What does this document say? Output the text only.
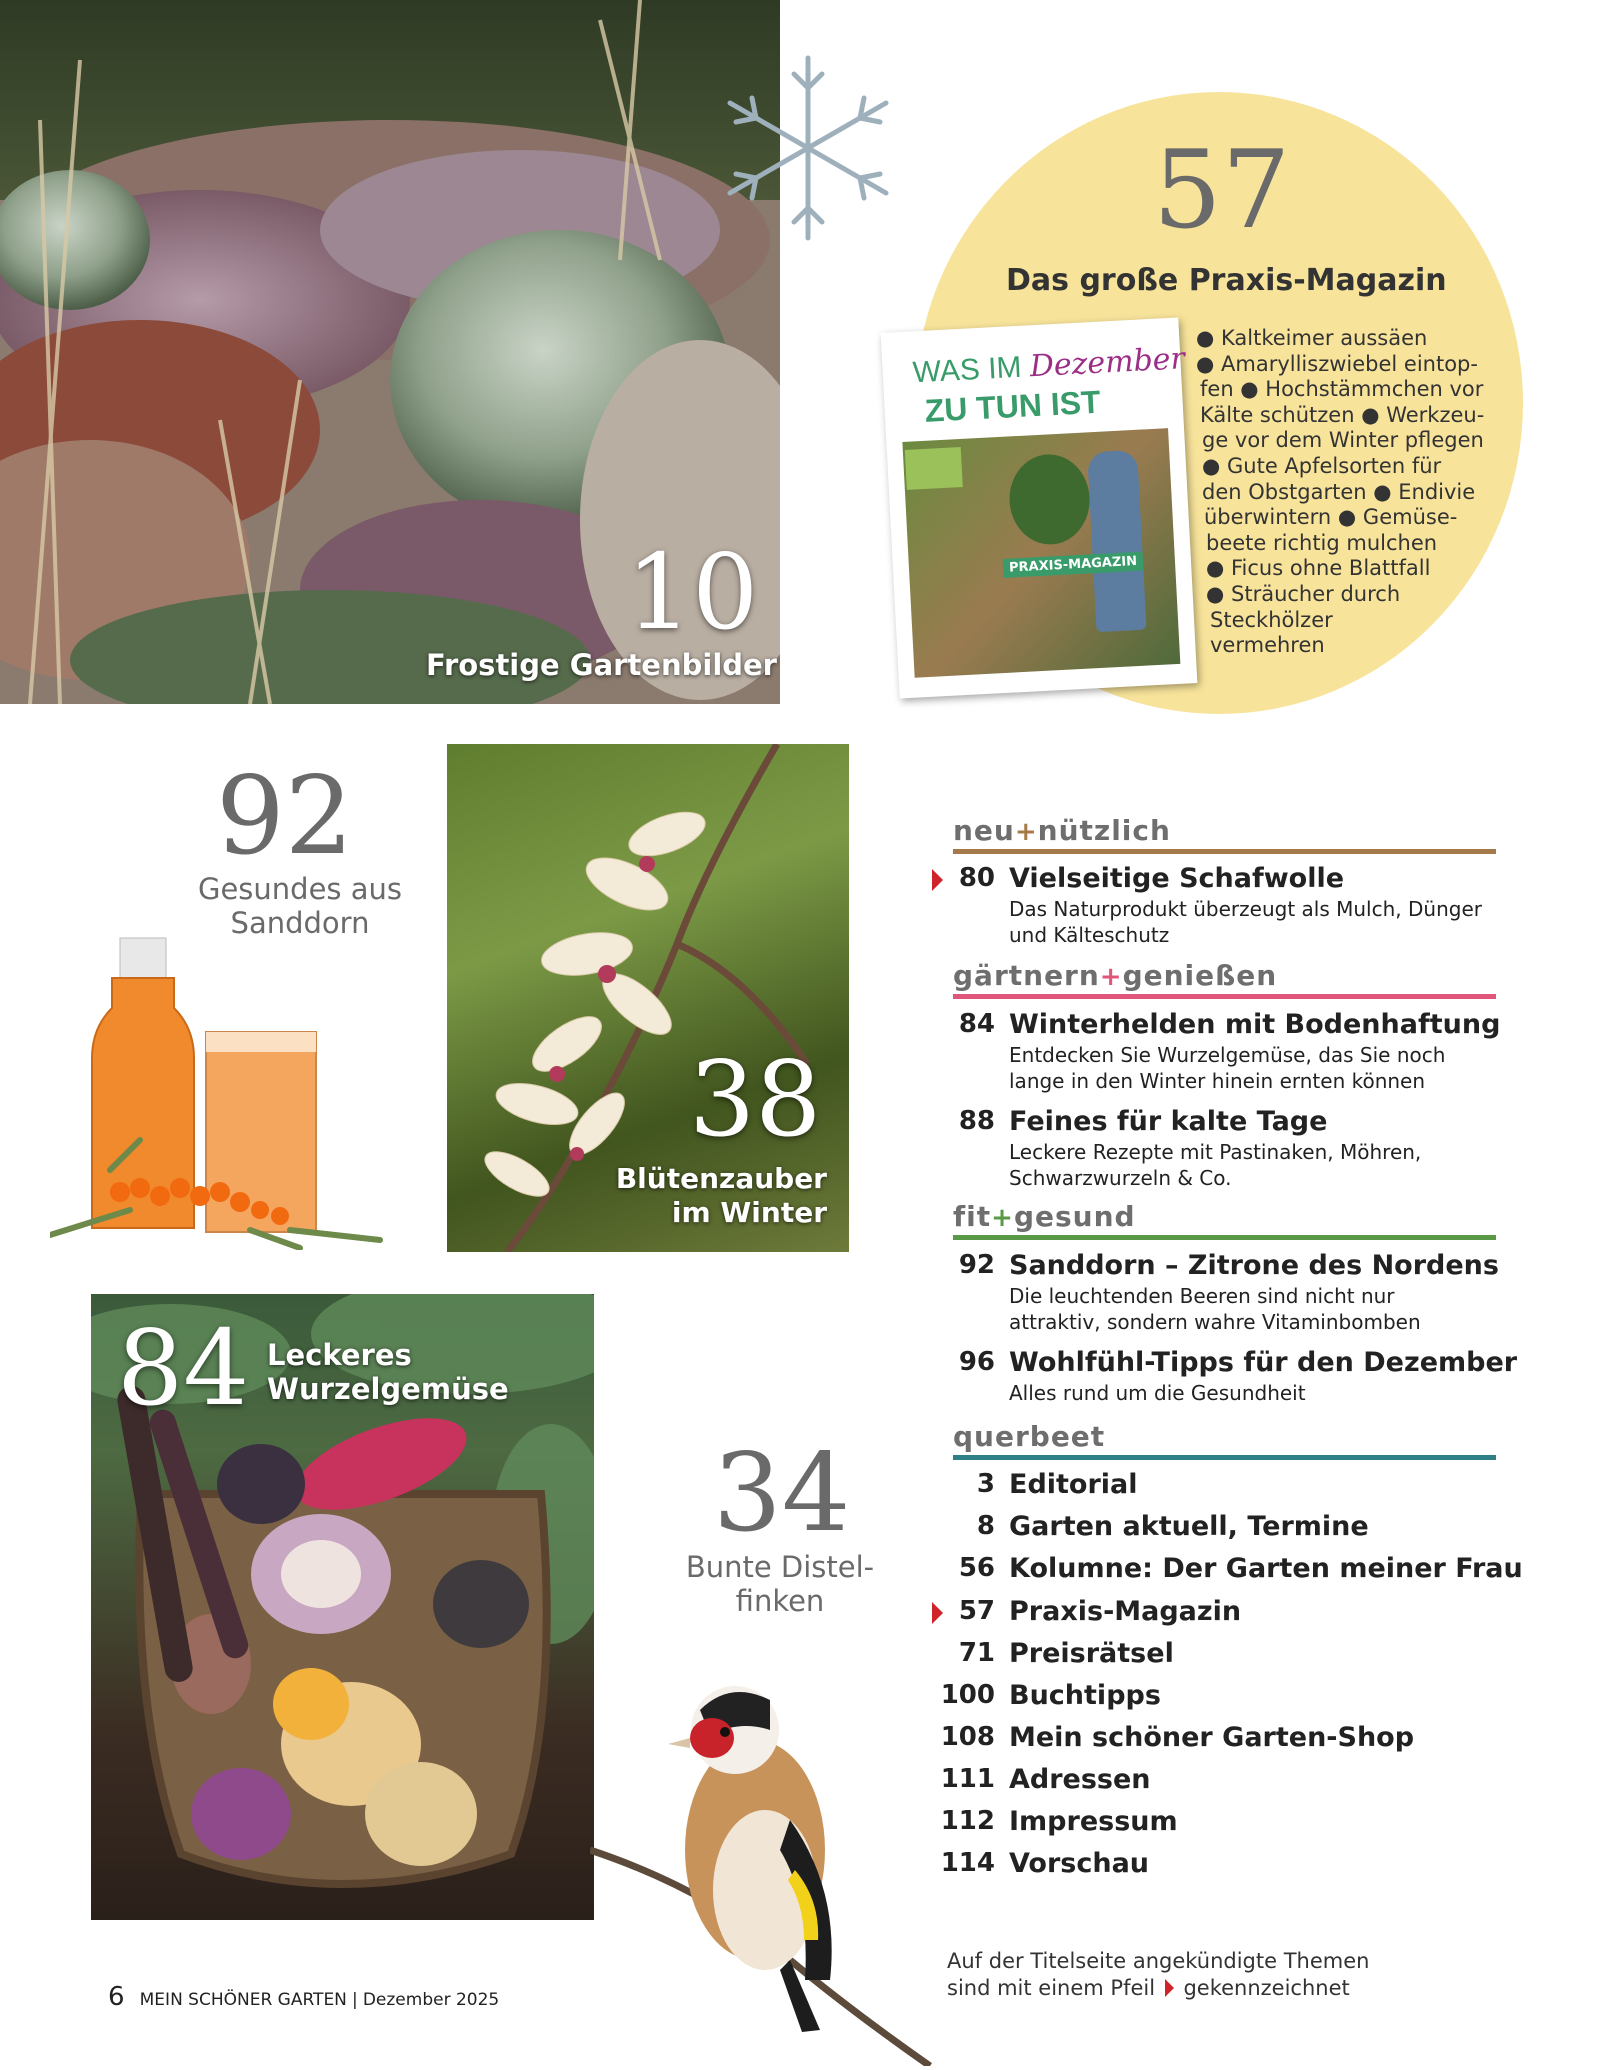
10
Frostige Gartenbilder
57
Das große Praxis-Magazin
WAS IM Dezember
ZU TUN IST
PRAXIS-MAGAZIN
● Kaltkeimer aussäen
● Amarylliszwiebel eintop-
fen ● Hochstämmchen vor
Kälte schützen ● Werkzeu-
ge vor dem Winter pflegen
● Gute Apfelsorten für
den Obstgarten ● Endivie
überwintern ● Gemüse-
beete richtig mulchen
● Ficus ohne Blattfall
● Sträucher durch
Steckhölzer
vermehren
92
Gesundes aus
Sanddorn
38
Blütenzauber
im Winter
84 Leckeres
Wurzelgemüse
34
Bunte Distel-
finken
neu+nützlich
80 Vielseitige Schafwolle
Das Naturprodukt überzeugt als Mulch, Dünger und Kälteschutz
gärtnern+genießen
84 Winterhelden mit Bodenhaftung
Entdecken Sie Wurzelgemüse, das Sie noch lange in den Winter hinein ernten können
88 Feines für kalte Tage
Leckere Rezepte mit Pastinaken, Möhren, Schwarzwurzeln & Co.
fit+gesund
92 Sanddorn – Zitrone des Nordens
Die leuchtenden Beeren sind nicht nur attraktiv, sondern wahre Vitaminbomben
96 Wohlfühl-Tipps für den Dezember
Alles rund um die Gesundheit
querbeet
3 Editorial
8 Garten aktuell, Termine
56 Kolumne: Der Garten meiner Frau
57 Praxis-Magazin
71 Preisrätsel
100 Buchtipps
108 Mein schöner Garten-Shop
111 Adressen
112 Impressum
114 Vorschau
Auf der Titelseite angekündigte Themen
sind mit einem Pfeil gekennzeichnet
6 MEIN SCHÖNER GARTEN | Dezember 2025
